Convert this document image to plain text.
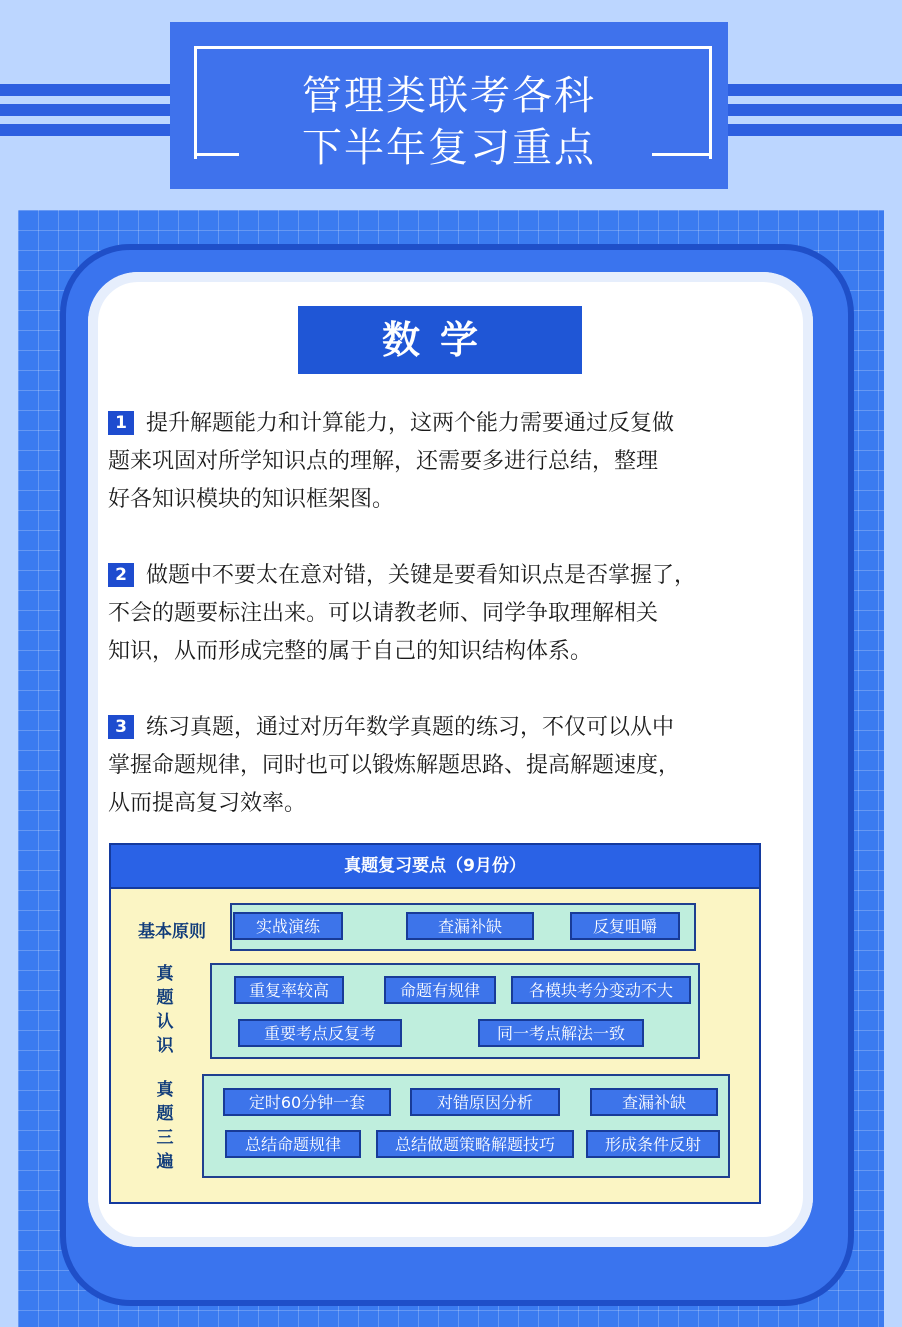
管理类联考各科
下半年复习重点
数学
1 提升解题能力和计算能力，这两个能力需要通过反复做
题来巩固对所学知识点的理解，还需要多进行总结，整理
好各知识模块的知识框架图。
2 做题中不要太在意对错，关键是要看知识点是否掌握了，
不会的题要标注出来。可以请教老师、同学争取理解相关
知识，从而形成完整的属于自己的知识结构体系。
3 练习真题，通过对历年数学真题的练习，不仅可以从中
掌握命题规律，同时也可以锻炼解题思路、提高解题速度，
从而提高复习效率。
真题复习要点（9月份）
基本原则	实战演练	查漏补缺	反复咀嚼
真
题
认
识
重复率较高	命题有规律	各模块考分变动不大
重要考点反复考	同一考点解法一致
真
题
三
遍
定时60分钟一套	对错原因分析	查漏补缺
总结命题规律	总结做题策略解题技巧	形成条件反射
